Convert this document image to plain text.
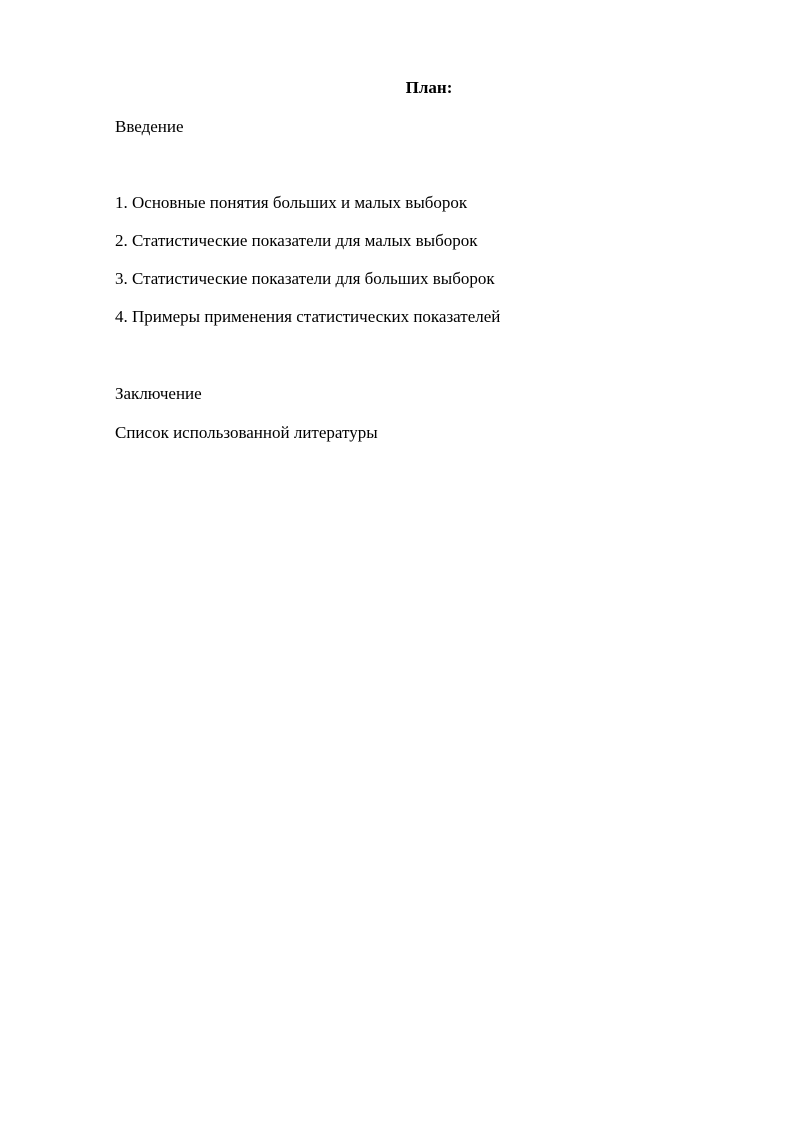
План:
Введение
1. Основные понятия больших и малых выборок
2. Статистические показатели для малых выборок
3. Статистические показатели для больших выборок
4. Примеры применения статистических показателей
Заключение
Список использованной литературы
